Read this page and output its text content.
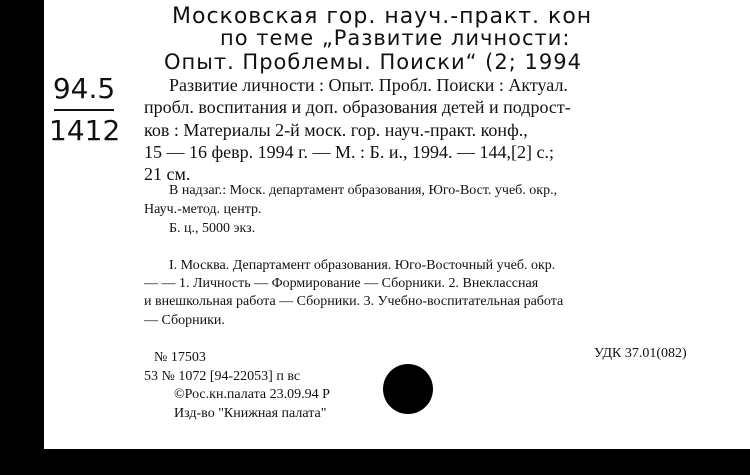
Московская гор. науч.-практ. кон
по теме „Развитие личности:
Опыт. Проблемы. Поиски“ (2; 1994
94.5
1412
Развитие личности : Опыт. Пробл. Поиски : Актуал.
пробл. воспитания и доп. образования детей и подрост-
ков : Материалы 2-й моск. гор. науч.-практ. конф.,
15 — 16 февр. 1994 г. — М. : Б. и., 1994. — 144,[2] с.;
21 см.
В надзаг.: Моск. департамент образования, Юго-Вост. учеб. окр.,
Науч.-метод. центр.
Б. ц., 5000 экз.
I. Москва. Департамент образования. Юго-Восточный учеб. окр.
— — 1. Личность — Формирование — Сборники. 2. Внеклассная
и внешкольная работа — Сборники. 3. Учебно-воспитательная работа
— Сборники.
№ 17503	УДК 37.01(082)
53 № 1072 [94-22053] п вс
©Рос.кн.палата 23.09.94 Р
Изд-во "Книжная палата"
